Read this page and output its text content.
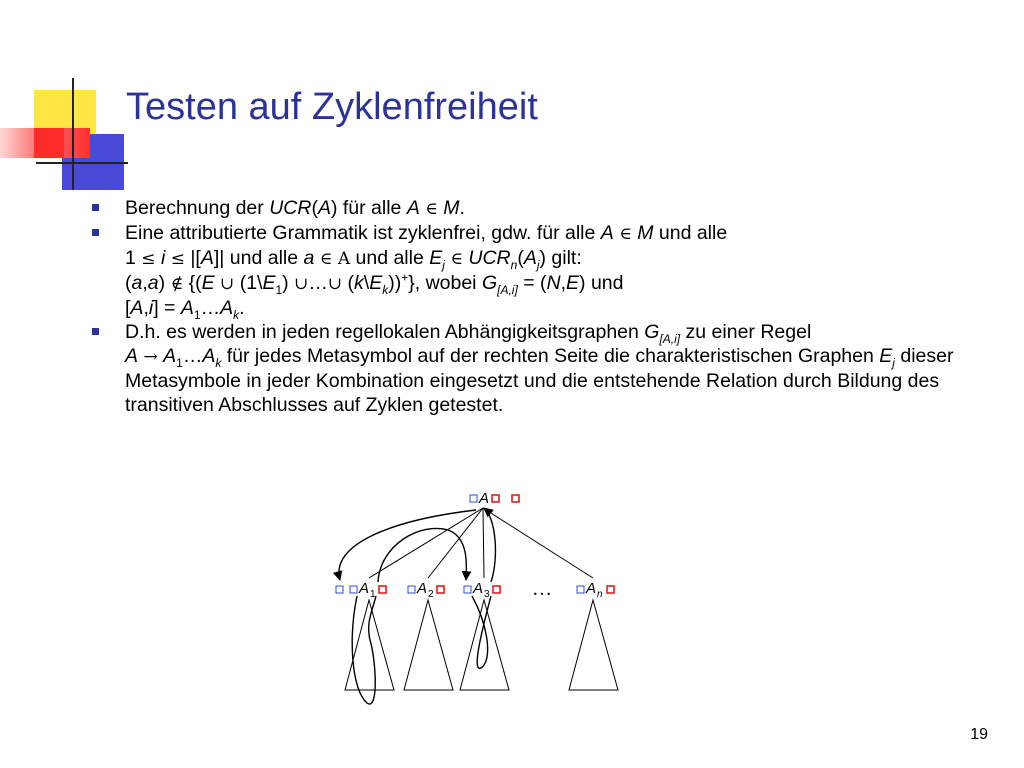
Testen auf Zyklenfreiheit
Berechnung der UCR(A) für alle A ∈ M.
Eine attributierte Grammatik ist zyklenfrei, gdw. für alle A ∈ M und alle
1 ≤ i ≤ |[A]| und alle a ∈ A und alle $E_j$ ∈ $UCR_n(A_j)$ gilt:
(a,a) ∉ {(E ∪ $(1\backslash E_1)$ ∪…∪ $(k\backslash E_k))^+$}, wobei $G_{[A,i]} = (N,E)$ und
$[A,i] = A_1\dots A_k$.
D.h. es werden in jeden regellokalen Abhängigkeitsgraphen $G_{[A,i]}$ zu einer Regel
$A \to A_1\dots A_k$ für jedes Metasymbol auf der rechten Seite die charakteristischen Graphen $E_j$ dieser Metasymbole in jeder Kombination eingesetzt und die entstehende Relation durch Bildung des transitiven Abschlusses auf Zyklen getestet.
A
A 1	A 2	A 3 … A n
19
